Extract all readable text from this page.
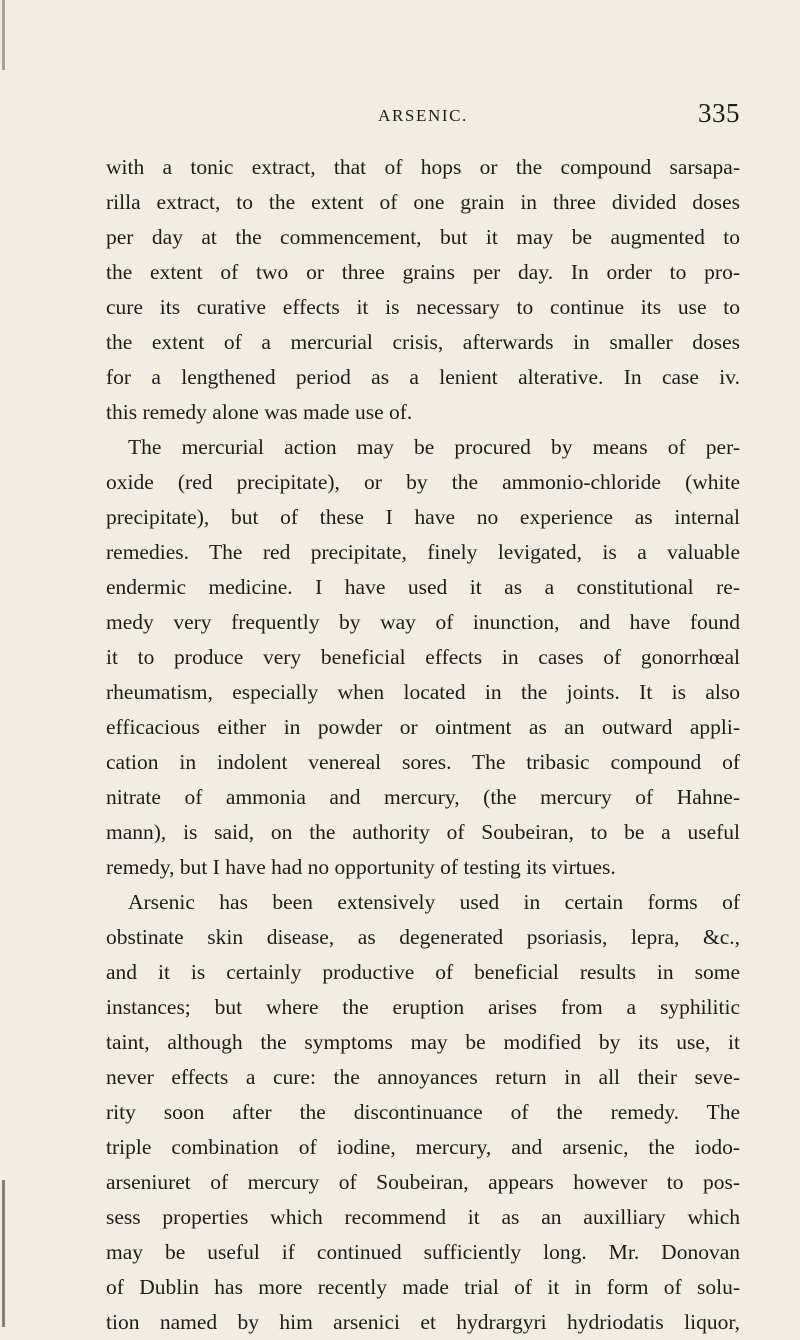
ARSENIC.	335
with a tonic extract, that of hops or the compound sarsapa-
rilla extract, to the extent of one grain in three divided doses
per day at the commencement, but it may be augmented to
the extent of two or three grains per day. In order to pro-
cure its curative effects it is necessary to continue its use to
the extent of a mercurial crisis, afterwards in smaller doses
for a lengthened period as a lenient alterative. In case iv.
this remedy alone was made use of.
The mercurial action may be procured by means of per-
oxide (red precipitate), or by the ammonio-chloride (white
precipitate), but of these I have no experience as internal
remedies. The red precipitate, finely levigated, is a valuable
endermic medicine. I have used it as a constitutional re-
medy very frequently by way of inunction, and have found
it to produce very beneficial effects in cases of gonorrhœal
rheumatism, especially when located in the joints. It is also
efficacious either in powder or ointment as an outward appli-
cation in indolent venereal sores. The tribasic compound of
nitrate of ammonia and mercury, (the mercury of Hahne-
mann), is said, on the authority of Soubeiran, to be a useful
remedy, but I have had no opportunity of testing its virtues.
Arsenic has been extensively used in certain forms of
obstinate skin disease, as degenerated psoriasis, lepra, &c.,
and it is certainly productive of beneficial results in some
instances; but where the eruption arises from a syphilitic
taint, although the symptoms may be modified by its use, it
never effects a cure: the annoyances return in all their seve-
rity soon after the discontinuance of the remedy. The
triple combination of iodine, mercury, and arsenic, the iodo-
arseniuret of mercury of Soubeiran, appears however to pos-
sess properties which recommend it as an auxilliary which
may be useful if continued sufficiently long. Mr. Donovan
of Dublin has more recently made trial of it in form of solu-
tion named by him arsenici et hydrargyri hydriodatis liquor,
